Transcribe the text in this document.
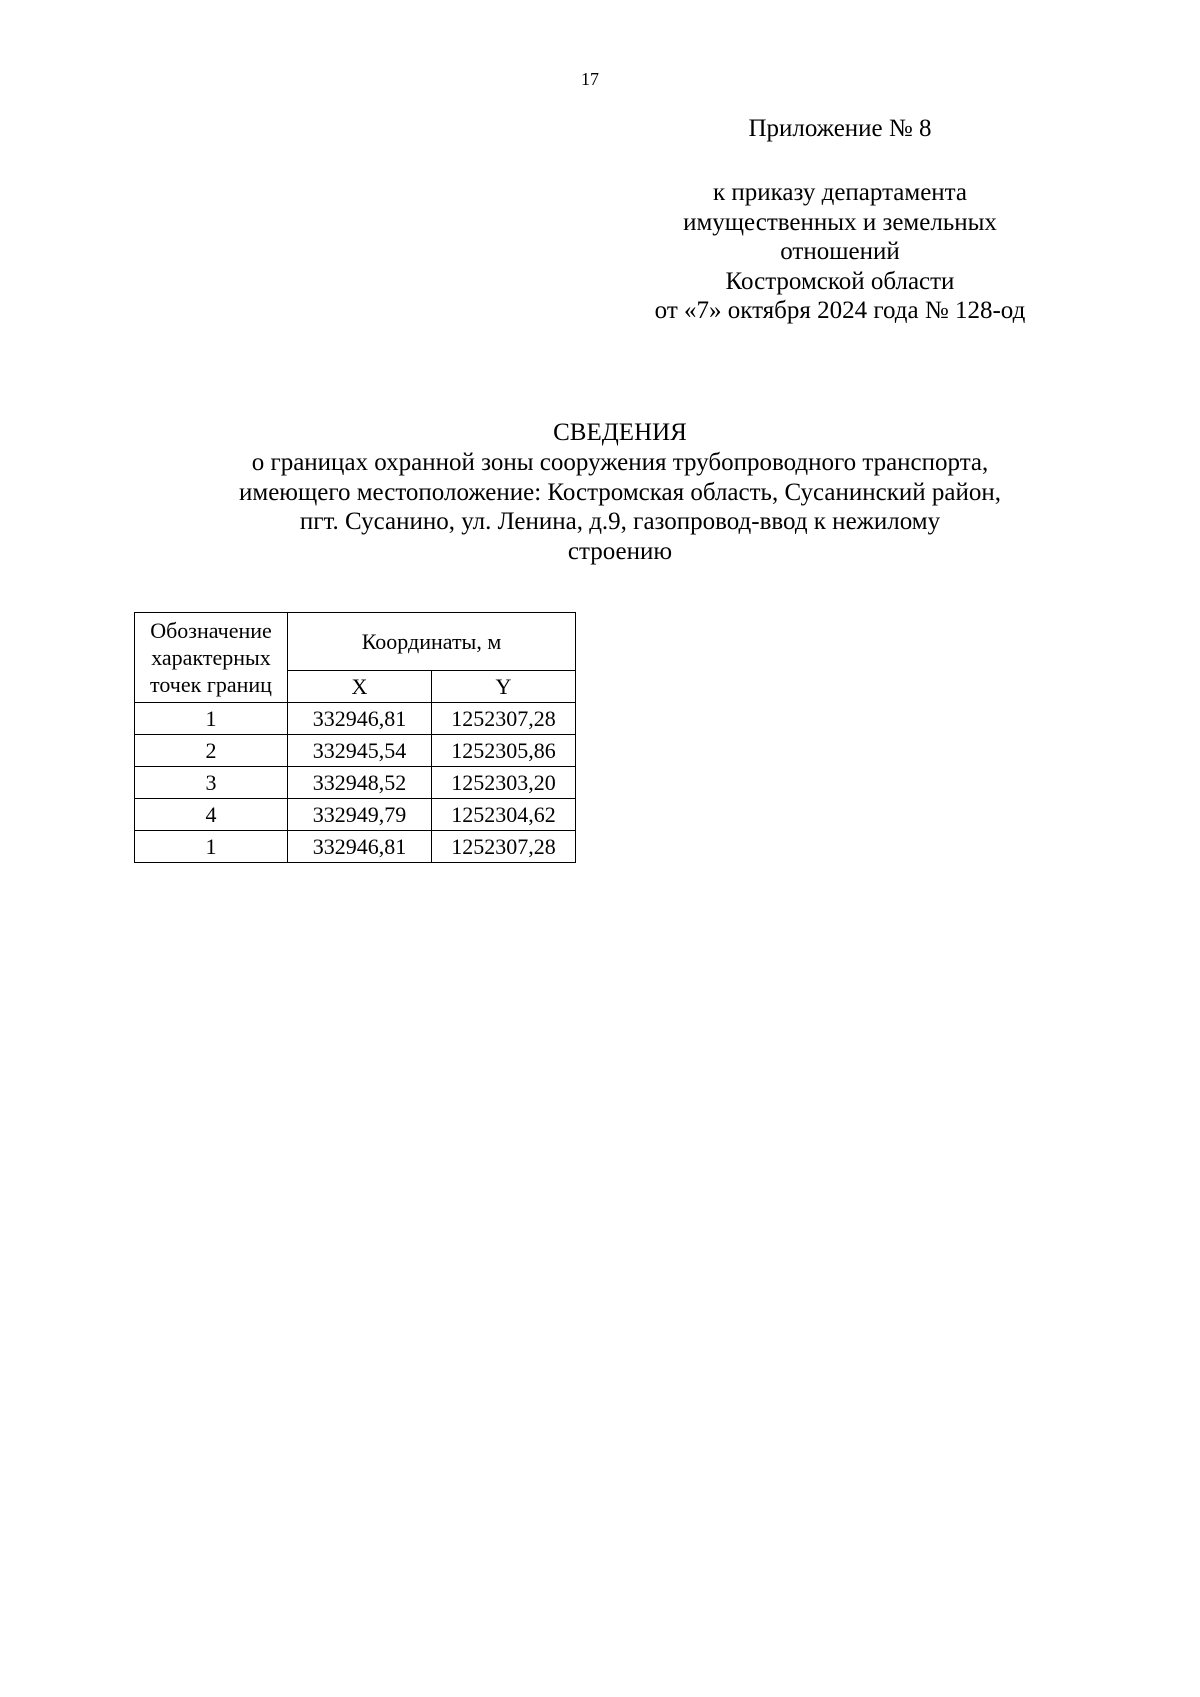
17
Приложение № 8
к приказу департамента
имущественных и земельных
отношений
Костромской области
от «7» октября 2024 года № 128-од
СВЕДЕНИЯ
о границах охранной зоны сооружения трубопроводного транспорта,
имеющего местоположение: Костромская область, Сусанинский район,
пгт. Сусанино, ул. Ленина, д.9, газопровод-ввод к нежилому
строению
Обозначение
характерных
точек границ	Координаты, м	
	X	Y
1	332946,81	1252307,28
2	332945,54	1252305,86
3	332948,52	1252303,20
4	332949,79	1252304,62
1	332946,81	1252307,28
